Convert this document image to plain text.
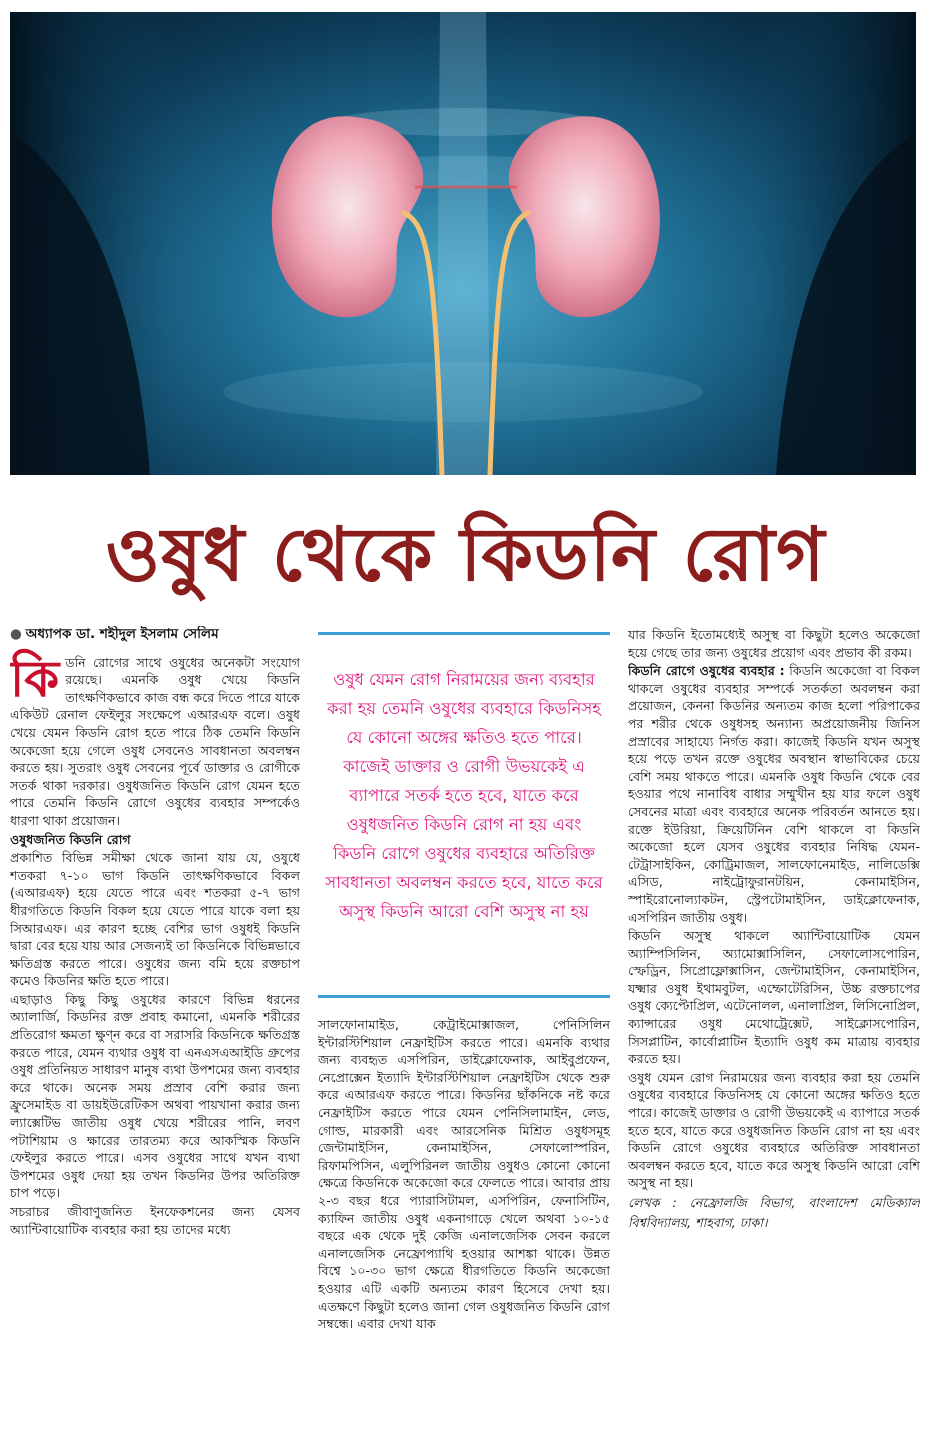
ওষুধ থেকে কিডনি রোগ
● অধ্যাপক ডা. শহীদুল ইসলাম সেলিম

কিডনি রোগের সাথে ওষুধের অনেকটা সংযোগ রয়েছে। এমনকি ওষুধ খেয়ে কিডনি তাৎক্ষণিকভাবে কাজ বন্ধ করে দিতে পারে যাকে একিউট রেনাল ফেইলুর সংক্ষেপে এআরএফ বলে। ওষুধ খেয়ে যেমন কিডনি রোগ হতে পারে ঠিক তেমনি কিডনি অকেজো হয়ে গেলে ওষুধ সেবনেও সাবধানতা অবলম্বন করতে হয়। সুতরাং ওষুধ সেবনের পূর্বে ডাক্তার ও রোগীকে সতর্ক থাকা দরকার। ওষুধজনিত কিডনি রোগ যেমন হতে পারে তেমনি কিডনি রোগে ওষুধের ব্যবহার সম্পর্কেও ধারণা থাকা প্রয়োজন।

ওষুধজনিত কিডনি রোগ

প্রকাশিত বিভিন্ন সমীক্ষা থেকে জানা যায় যে, ওষুধে শতকরা ৭-১০ ভাগ কিডনি তাৎক্ষণিকভাবে বিকল (এআরএফ) হয়ে যেতে পারে এবং শতকরা ৫-৭ ভাগ ধীরগতিতে কিডনি বিকল হয়ে যেতে পারে যাকে বলা হয় সিআরএফ। এর কারণ হচ্ছে বেশির ভাগ ওষুধই কিডনি দ্বারা বের হয়ে যায় আর সেজন্যই তা কিডনিকে বিভিন্নভাবে ক্ষতিগ্রস্ত করতে পারে। ওষুধের জন্য বমি হয়ে রক্তচাপ কমেও কিডনির ক্ষতি হতে পারে।

এছাড়াও কিছু কিছু ওষুধের কারণে বিভিন্ন ধরনের অ্যালার্জি, কিডনির রক্ত প্রবাহ কমানো, এমনকি শরীরের প্রতিরোগ ক্ষমতা ক্ষুণ্ন করে বা সরাসরি কিডনিকে ক্ষতিগ্রস্ত করতে পারে, যেমন ব্যথার ওষুধ বা এনএসএআইডি গ্রুপের ওষুধ প্রতিনিয়ত সাধারণ মানুষ ব্যথা উপশমের জন্য ব্যবহার করে থাকে। অনেক সময় প্রস্রাব বেশি করার জন্য ফ্রুসেমাইড বা ডায়ইউরেটিকস অথবা পায়খানা করার জন্য ল্যাক্সেটিভ জাতীয় ওষুধ খেয়ে শরীরের পানি, লবণ পটাশিয়াম ও ক্ষারের তারতম্য করে আকস্মিক কিডনি ফেইলুর করতে পারে। এসব ওষুধের সাথে যখন ব্যথা উপশমের ওষুধ দেয়া হয় তখন কিডনির উপর অতিরিক্ত চাপ পড়ে।

সচরাচর জীবাণুজনিত ইনফেকশনের জন্য যেসব অ্যান্টিবায়োটিক ব্যবহার করা হয় তাদের মধ্যে

ওষুধ যেমন রোগ নিরাময়ের জন্য ব্যবহার করা হয় তেমনি ওষুধের ব্যবহারে কিডনিসহ যে কোনো অঙ্গের ক্ষতিও হতে পারে। কাজেই ডাক্তার ও রোগী উভয়কেই এ ব্যাপারে সতর্ক হতে হবে, যাতে করে ওষুধজনিত কিডনি রোগ না হয় এবং কিডনি রোগে ওষুধের ব্যবহারে অতিরিক্ত সাবধানতা অবলম্বন করতে হবে, যাতে করে অসুস্থ কিডনি আরো বেশি অসুস্থ না হয়

সালফোনামাইড, কেট্রাইমোক্সাজল, পেনিসিলিন ইন্টারস্টিশিয়াল নেফ্রাইটিস করতে পারে। এমনকি ব্যথার জন্য ব্যবহৃত এসপিরিন, ডাইক্লোফেনাক, আইবুপ্রফেন, নেপ্রোক্সেন ইত্যাদি ইন্টারস্টিশিয়াল নেফ্রাইটিস থেকে শুরু করে এআরএফ করতে পারে। কিডনির ছাঁকনিকে নষ্ট করে নেফ্রাইটিস করতে পারে যেমন পেনিসিলামাইন, লেড, গোল্ড, মারকারী এবং আরসেনিক মিশ্রিত ওষুধসমূহ জেন্টামাইসিন, কেনামাইসিন, সেফালোস্পরিন, রিফামপিসিন, এলুপিরিনল জাতীয় ওষুধও কোনো কোনো ক্ষেত্রে কিডনিকে অকেজো করে ফেলতে পারে। আবার প্রায় ২-৩ বছর ধরে প্যারাসিটামল, এসপিরিন, ফেনাসিটিন, ক্যাফিন জাতীয় ওষুধ একনাগাড়ে খেলে অথবা ১০-১৫ বছরে এক থেকে দুই কেজি এনালজেসিক সেবন করলে এনালজেসিক নেফ্রোপ্যাথি হওয়ার আশঙ্কা থাকে। উন্নত বিশ্বে ১০-৩০ ভাগ ক্ষেত্রে ধীরগতিতে কিডনি অকেজো হওয়ার এটি একটি অন্যতম কারণ হিসেবে দেখা হয়। এতক্ষণে কিছুটা হলেও জানা গেল ওষুধজনিত কিডনি রোগ সম্বন্ধে। এবার দেখা যাক

যার কিডনি ইতোমধ্যেই অসুস্থ বা কিছুটা হলেও অকেজো হয়ে গেছে তার জন্য ওষুধের প্রয়োগ এবং প্রভাব কী রকম।

কিডনি রোগে ওষুধের ব্যবহার : কিডনি অকেজো বা বিকল থাকলে ওষুধের ব্যবহার সম্পর্কে সতর্কতা অবলম্বন করা প্রয়োজন, কেননা কিডনির অন্যতম কাজ হলো পরিপাকের পর শরীর থেকে ওষুধসহ অন্যান্য অপ্রয়োজনীয় জিনিস প্রস্রাবের সাহায্যে নির্গত করা। কাজেই কিডনি যখন অসুস্থ হয়ে পড়ে তখন রক্তে ওষুধের অবস্থান স্বাভাবিকের চেয়ে বেশি সময় থাকতে পারে। এমনকি ওষুধ কিডনি থেকে বের হওয়ার পথে নানাবিধ বাধার সম্মুখীন হয় যার ফলে ওষুধ সেবনের মাত্রা এবং ব্যবহারে অনেক পরিবর্তন আনতে হয়। রক্তে ইউরিয়া, ক্রিয়েটিনিন বেশি থাকলে বা কিডনি অকেজো হলে যেসব ওষুধের ব্যবহার নিষিদ্ধ যেমন- টেট্রাসাইকিন, কোট্রিমাজল, সালফোনেমাইড, নালিডেক্সি এসিড, নাইট্রোফুরানটয়িন, কেনামাইসিন, স্পাইরোনোল্যাকটন, স্ট্রেপটোমাইসিন, ডাইক্লোফেনাক, এসপিরিন জাতীয় ওষুধ।

কিডনি অসুস্থ থাকলে অ্যান্টিবায়োটিক যেমন অ্যাম্পিসিলিন, অ্যামোক্সাসিলিন, সেফালোসপোরিন, স্ফেড্রিন, সিপ্রোফ্লোক্সাসিন, জেন্টামাইসিন, কেনামাইসিন, যক্ষ্মার ওষুধ ইথামবুটল, এম্ফোটেরিসিন, উচ্চ রক্তচাপের ওষুধ ক্যেপ্টোপ্রিল, এটেনোলল, এনালাপ্রিল, লিসিনোপ্রিল, ক্যান্সারের ওষুধ মেথোট্রেক্সেট, সাইক্লোসপোরিন, সিসপ্লাটিন, কার্বোপ্লাটিন ইত্যাদি ওষুধ কম মাত্রায় ব্যবহার করতে হয়।

ওষুধ যেমন রোগ নিরাময়ের জন্য ব্যবহার করা হয় তেমনি ওষুধের ব্যবহারে কিডনিসহ যে কোনো অঙ্গের ক্ষতিও হতে পারে। কাজেই ডাক্তার ও রোগী উভয়কেই এ ব্যাপারে সতর্ক হতে হবে, যাতে করে ওষুধজনিত কিডনি রোগ না হয় এবং কিডনি রোগে ওষুধের ব্যবহারে অতিরিক্ত সাবধানতা অবলম্বন করতে হবে, যাতে করে অসুস্থ কিডনি আরো বেশি অসুস্থ না হয়।

লেখক : নেফ্রোলজি বিভাগ, বাংলাদেশ মেডিক্যাল বিশ্ববিদ্যালয়, শাহবাগ, ঢাকা।
